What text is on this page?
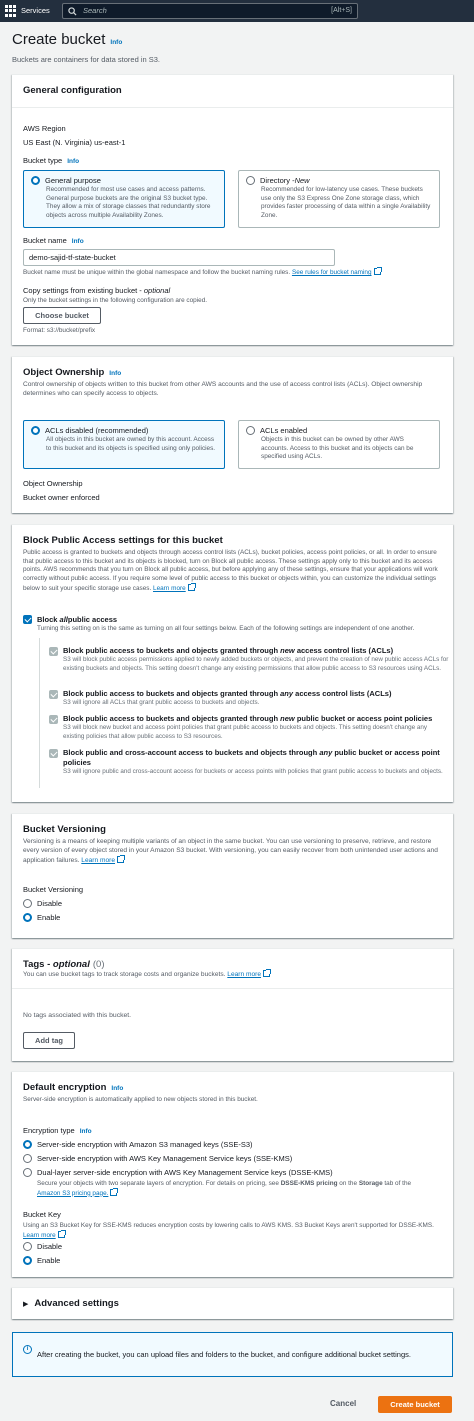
Services	Search	[Alt+S]
Create bucket Info
Buckets are containers for data stored in S3.
General configuration
AWS Region
US East (N. Virginia) us-east-1
Bucket type Info
General purpose
Recommended for most use cases and access patterns. General purpose buckets are the original S3 bucket type. They allow a mix of storage classes that redundantly store objects across multiple Availability Zones.
Directory - New
Recommended for low-latency use cases. These buckets use only the S3 Express One Zone storage class, which provides faster processing of data within a single Availability Zone.
Bucket name Info
demo-sajid-tf-state-bucket
Bucket name must be unique within the global namespace and follow the bucket naming rules. See rules for bucket naming
Copy settings from existing bucket - optional
Only the bucket settings in the following configuration are copied.
Choose bucket
Format: s3://bucket/prefix
Object Ownership Info
Control ownership of objects written to this bucket from other AWS accounts and the use of access control lists (ACLs). Object ownership determines who can specify access to objects.
ACLs disabled (recommended)
All objects in this bucket are owned by this account. Access to this bucket and its objects is specified using only policies.
ACLs enabled
Objects in this bucket can be owned by other AWS accounts. Access to this bucket and its objects can be specified using ACLs.
Object Ownership
Bucket owner enforced
Block Public Access settings for this bucket
Public access is granted to buckets and objects through access control lists (ACLs), bucket policies, access point policies, or all. In order to ensure that public access to this bucket and its objects is blocked, turn on Block all public access. These settings apply only to this bucket and its access points. AWS recommends that you turn on Block all public access, but before applying any of these settings, ensure that your applications will work correctly without public access. If you require some level of public access to this bucket or objects within, you can customize the individual settings below to suit your specific storage use cases. Learn more
Block
all public access
Turning this setting on is the same as turning on all four settings below. Each of the following settings are independent of one another.
Block public access to buckets and objects granted through new access control lists (ACLs)
S3 will block public access permissions applied to newly added buckets or objects, and prevent the creation of new public access ACLs for existing buckets and objects. This setting doesn't change any existing permissions that allow public access to S3 resources using ACLs.
Block public access to buckets and objects granted through any access control lists (ACLs)
S3 will ignore all ACLs that grant public access to buckets and objects.
Block public access to buckets and objects granted through new public bucket or access point policies
S3 will block new bucket and access point policies that grant public access to buckets and objects. This setting doesn't change any existing policies that allow public access to S3 resources.
Block public and cross-account access to buckets and objects through any public bucket or access point policies
S3 will ignore public and cross-account access for buckets or access points with policies that grant public access to buckets and objects.
Bucket Versioning
Versioning is a means of keeping multiple variants of an object in the same bucket. You can use versioning to preserve, retrieve, and restore every version of every object stored in your Amazon S3 bucket. With versioning, you can easily recover from both unintended user actions and application failures. Learn more
Bucket Versioning
Disable
Enable
Tags -
optional (0)
You can use bucket tags to track storage costs and organize buckets. Learn more
No tags associated with this bucket.
Add tag
Default encryption Info
Server-side encryption is automatically applied to new objects stored in this bucket.
Encryption type Info
Server-side encryption with Amazon S3 managed keys (SSE-S3)
Server-side encryption with AWS Key Management Service keys (SSE-KMS)
Dual-layer server-side encryption with AWS Key Management Service keys (DSSE-KMS)
Secure your objects with two separate layers of encryption. For details on pricing, see DSSE-KMS pricing on the Storage tab of the
Amazon S3 pricing page.
Bucket Key
Using an S3 Bucket Key for SSE-KMS reduces encryption costs by lowering calls to AWS KMS. S3 Bucket Keys aren't supported for DSSE-KMS. Learn more
Disable
Enable
▶ Advanced settings
i
After creating the bucket, you can upload files and folders to the bucket, and configure additional bucket settings.
Cancel	Create bucket
